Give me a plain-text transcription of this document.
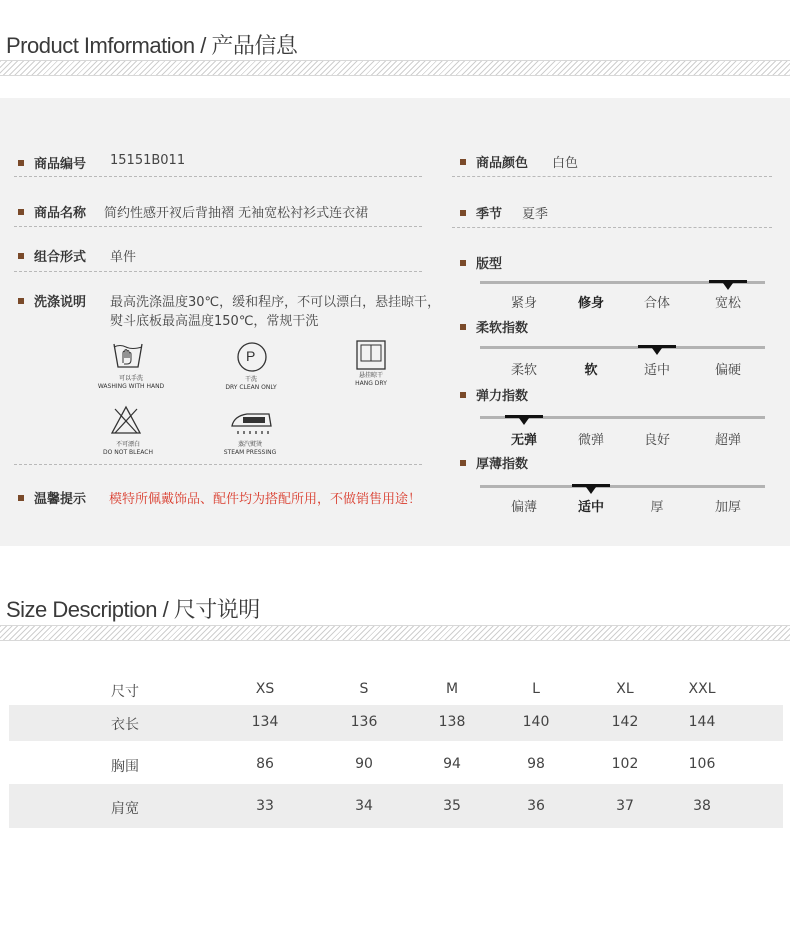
Product Imformation / 产品信息
商品编号 15151B011
商品名称 简约性感开衩后背抽褶 无袖宽松衬衫式连衣裙
组合形式 单件
洗涤说明 最高洗涤温度30℃，缓和程序，不可以漂白，悬挂晾干，
熨斗底板最高温度150℃，常规干洗
可以手洗
WASHING WITH HAND
P
干洗
DRY CLEAN ONLY
悬挂晾干
HANG DRY
不可漂白
DO NOT BLEACH
蒸汽熨烫
STEAM PRESSING
温馨提示 模特所佩戴饰品、配件均为搭配所用，不做销售用途！
商品颜色 白色
季节 夏季
版型
紧身	修身	合体	宽松
柔软指数
柔软	软	适中	偏硬
弹力指数
无弹	微弹	良好	超弹
厚薄指数
偏薄	适中	厚	加厚
Size Description / 尺寸说明
尺寸	XS	S	M	L	XL	XXL
衣长	134	136	138	140	142	144
胸围	86	90	94	98	102	106
肩宽	33	34	35	36	37	38
